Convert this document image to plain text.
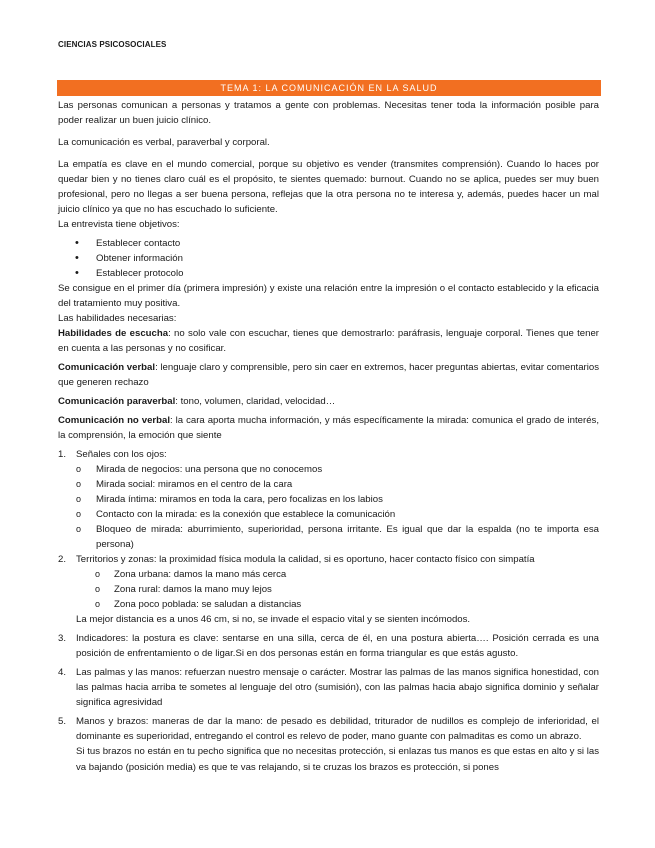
CIENCIAS PSICOSOCIALES
TEMA 1: LA COMUNICACIÓN EN LA SALUD

Las personas comunican a personas y tratamos a gente con problemas. Necesitas tener toda la información posible para poder realizar un buen juicio clínico.

La comunicación es verbal, paraverbal y corporal.

La empatía es clave en el mundo comercial, porque su objetivo es vender (transmites comprensión). Cuando lo haces por quedar bien y no tienes claro cuál es el propósito, te sientes quemado: burnout. Cuando no se aplica, puedes ser muy buen profesional, pero no llegas a ser buena persona, reflejas que la otra persona no te interesa y, además, puedes hacer un mal juicio clínico ya que no has escuchado lo suficiente.

La entrevista tiene objetivos:

• Establecer contacto
• Obtener información
• Establecer protocolo

Se consigue en el primer día (primera impresión) y existe una relación entre la impresión o el contacto establecido y la eficacia del tratamiento muy positiva.

Las habilidades necesarias:

Habilidades de escucha: no solo vale con escuchar, tienes que demostrarlo: paráfrasis, lenguaje corporal. Tienes que tener en cuenta a las personas y no cosificar.

Comunicación verbal: lenguaje claro y comprensible, pero sin caer en extremos, hacer preguntas abiertas, evitar comentarios que generen rechazo

Comunicación paraverbal: tono, volumen, claridad, velocidad…

Comunicación no verbal: la cara aporta mucha información, y más específicamente la mirada: comunica el grado de interés, la comprensión, la emoción que siente

1. Señales con los ojos:
o Mirada de negocios: una persona que no conocemos
o Mirada social: miramos en el centro de la cara
o Mirada íntima: miramos en toda la cara, pero focalizas en los labios
o Contacto con la mirada: es la conexión que establece la comunicación
o Bloqueo de mirada: aburrimiento, superioridad, persona irritante. Es igual que dar la espalda (no te importa esa persona)
2. Territorios y zonas: la proximidad física modula la calidad, si es oportuno, hacer contacto físico con simpatía
o Zona urbana: damos la mano más cerca
o Zona rural: damos la mano muy lejos
o Zona poco poblada: se saludan a distancias

La mejor distancia es a unos 46 cm, si no, se invade el espacio vital y se sienten incómodos.

3. Indicadores: la postura es clave: sentarse en una silla, cerca de él, en una postura abierta…. Posición cerrada es una posición de enfrentamiento o de ligar.Si en dos personas están en forma triangular es que estás agusto.
4. Las palmas y las manos: refuerzan nuestro mensaje o carácter. Mostrar las palmas de las manos significa honestidad, con las palmas hacia arriba te sometes al lenguaje del otro (sumisión), con las palmas hacia abajo significa dominio y señalar significa agresividad
5. Manos y brazos: maneras de dar la mano: de pesado es debilidad, triturador de nudillos es complejo de inferioridad, el dominante es superioridad, entregando el control es relevo de poder, mano guante con palmaditas es como un abrazo.

Si tus brazos no están en tu pecho significa que no necesitas protección, si enlazas tus manos es que estas en alto y si las va bajando (posición media) es que te vas relajando, si te cruzas los brazos es protección, si pones
